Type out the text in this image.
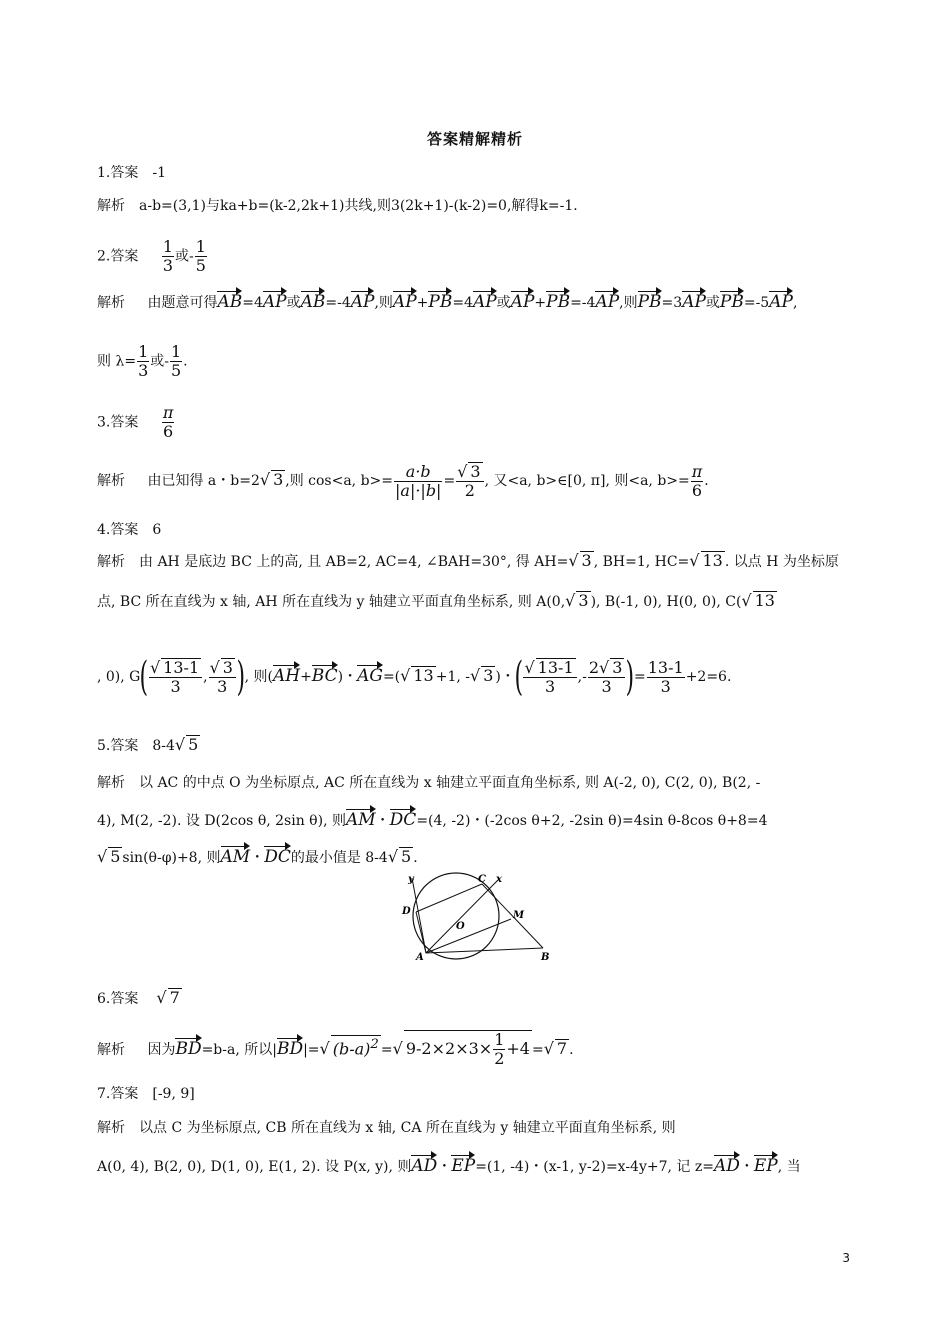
答案精解精析
1.答案　-1
解析　a-b=(3,1)与ka+b=(k-2,2k+1)共线,则3(2k+1)-(k-2)=0,解得k=-1.
2.答案 $\frac{1}{3}$ 或- $\frac{1}{5}$
解析 由题意可得AB=4AP或AB=-4AP,则AP+PB=4AP或AP+PB=-4AP,则PB=3AP或PB=-5AP,
则 $\lambda= \frac{1}{3}$ 或- $\frac{1}{5}$ .
3.答案 $\frac{\pi}{6}$
解析 由已知得 a・b=2 √ 3 ,则 cos<a, $b>= \frac{a\cdot b}{|a|\cdot|b|}$ = √ $\frac{3}{2}$ , 又<a, b>∈[0, π], 则<a, $b>= \frac{\pi}{6}$ .
4.答案　6
解析　由 AH 是底边 BC 上的高, 且 AB=2, AC=4, ∠BAH=30°, 得 AH= √ 3 , BH=1, HC= √ 13 . 以点 H 为坐标原
点, BC 所在直线为 x 轴, AH 所在直线为 y 轴建立平面直角坐标系, 则 A(0, √ 3 ), B(-1, 0), H(0, 0), C( √ 13
, 0), G( √ $\frac{13-1}{3}$ , √ $\frac{3}{3}$ ), 则(AH+BC)・AG=( √ 13 +1, - √ 3 )・( √ $\frac{13-1}{3}$ ,- $\frac{2 √ 3}{3}$ )= $\frac{13-1}{3} +2=6$.
5.答案　8-4 √ 5
解析　以 AC 的中点 O 为坐标原点, AC 所在直线为 x 轴建立平面直角坐标系, 则 A(-2, 0), C(2, 0), B(2, -
4), M(2, -2). 设 D(2cos θ, 2sin θ), 则AM・DC=(4, -2)・(-2cos θ+2, -2sin θ)=4sin θ-8cos θ+8=4
√ 5 sin(θ-φ)+8, 则AM・DC的最小值是 8-4 √ 5 .
y	C x
D
O
M
A	B
6.答案 √ 7
解析 因为BD=b-a, 所以|BD|= √ $(b-a)^2$ = √ $9-2\times 2\times 3\times \frac{1}{2} +4$ = √ 7 .
7.答案　[-9, 9]
解析　以点 C 为坐标原点, CB 所在直线为 x 轴, CA 所在直线为 y 轴建立平面直角坐标系, 则
A(0, 4), B(2, 0), D(1, 0), E(1, 2). 设 P(x, y), 则AD・EP=(1, -4)・(x-1, y-2)=x-4y+7, 记 z=AD・EP, 当
3
